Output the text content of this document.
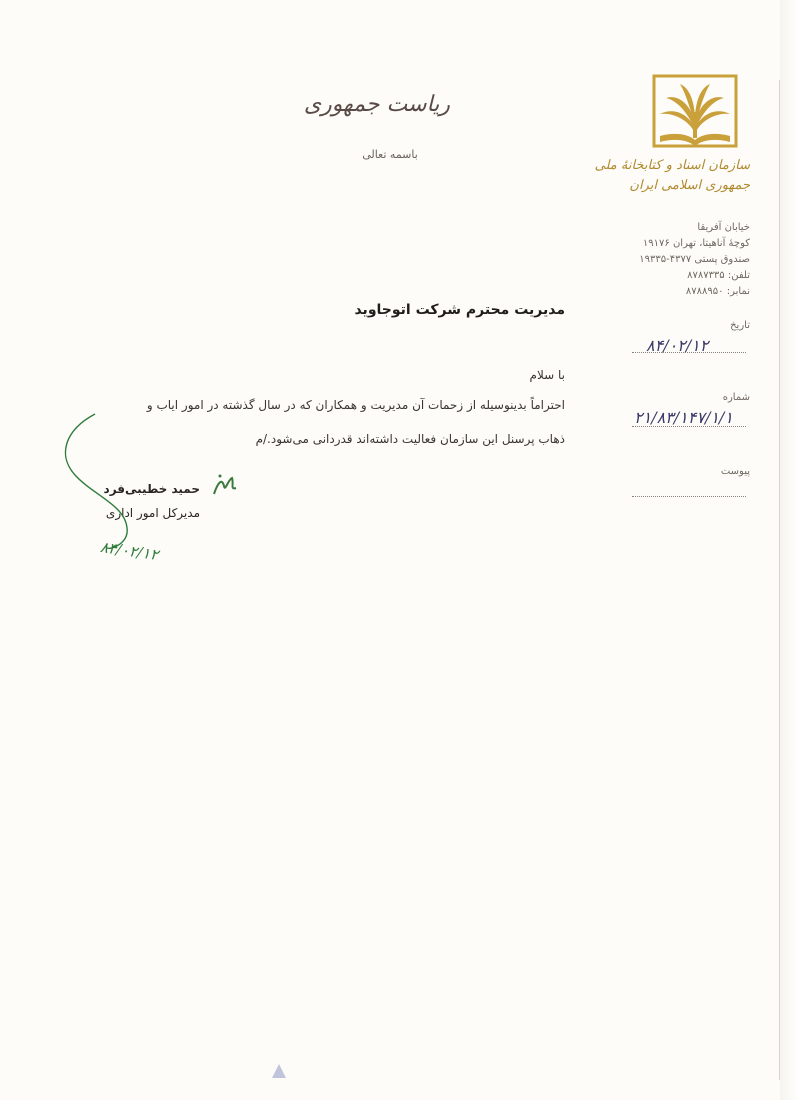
ریاست جمهوری
باسمه تعالی
سازمان اسناد و کتابخانهٔ ملی
جمهوری اسلامی ایران
خیابان آفریقا
کوچهٔ آناهیتا، تهران ۱۹۱۷۶
صندوق پستی ۴۳۷۷-۱۹۳۳۵
تلفن: ۸۷۸۷۳۳۵
نمابر: ۸۷۸۸۹۵۰
تاریخ
۸۴/۰۲/۱۲
شماره
۲۱/۸۳/۱۴۷/۱/۱
پیوست
مدیریت محترم شرکت اتوجاوید
با سلام
احتراماً بدینوسیله از زحمات آن مدیریت و همکاران که در سال گذشته در امور ایاب و
ذهاب پرسنل این سازمان فعالیت داشته‌اند قدردانی می‌شود./م
حمید خطیبی‌فرد
مدیرکل امور اداری
۸۴/۰۲/۱۲
